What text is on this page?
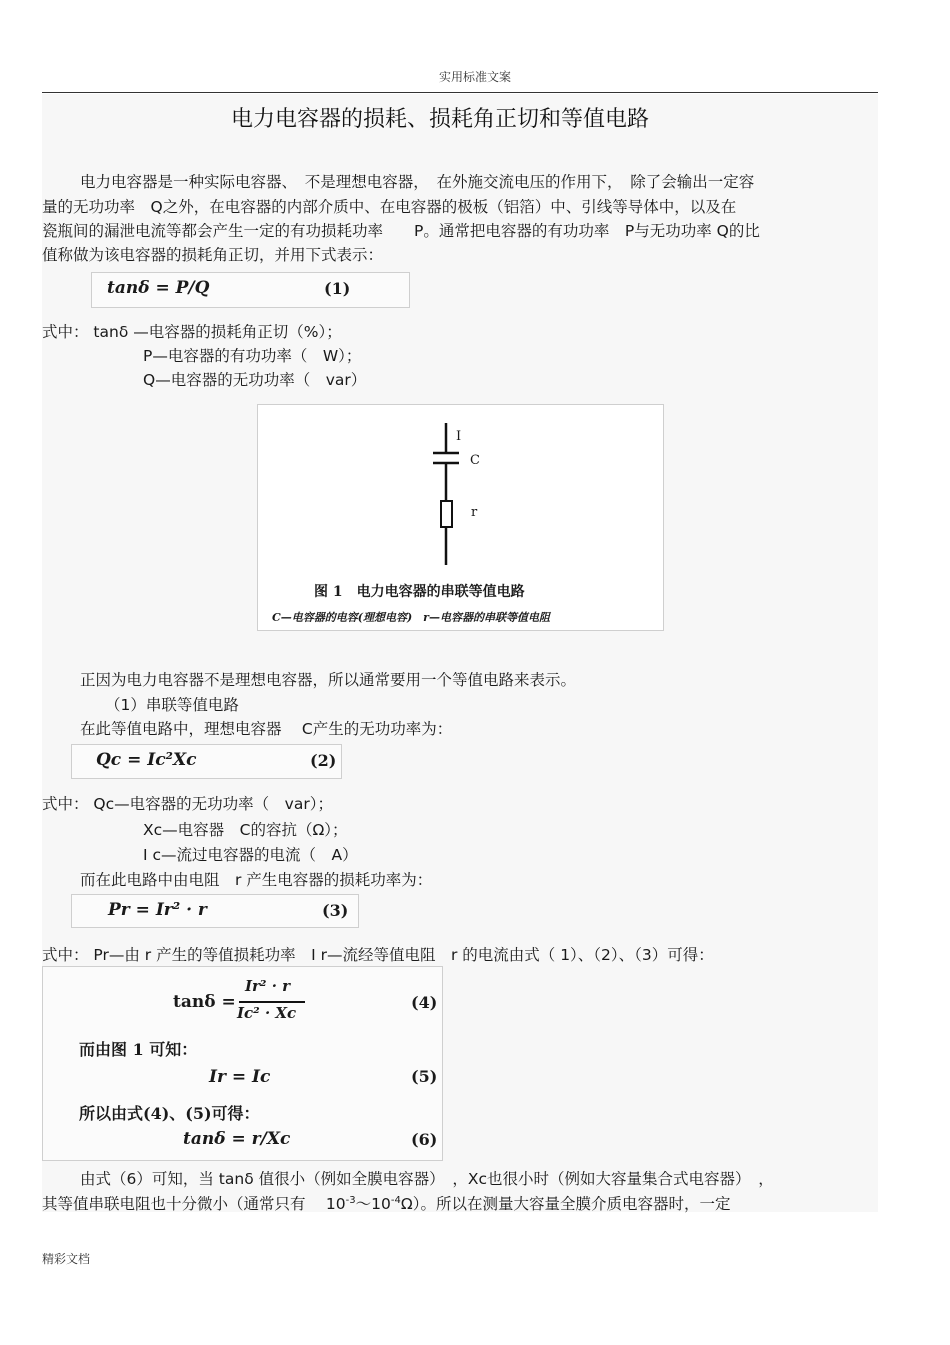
实用标准文案
电力电容器的损耗、损耗角正切和等值电路
电力电容器是一种实际电容器、　不是理想电容器，　在外施交流电压的作用下，　除了会输出一定容
量的无功功率　Q之外，在电容器的内部介质中、在电容器的极板（铝箔）中、引线等导体中，以及在
瓷瓶间的漏泄电流等都会产生一定的有功损耗功率　　P。通常把电容器的有功功率　P与无功功率 Q的比
值称做为该电容器的损耗角正切，并用下式表示：
tanδ = P/Q	(1)
式中： tanδ —电容器的损耗角正切（%）；
P—电容器的有功功率（　W）；
Q—电容器的无功功率（　var）
I
C
r
图 1　电力电容器的串联等值电路
C—电容器的电容(理想电容)　r—电容器的串联等值电阻
正因为电力电容器不是理想电容器，所以通常要用一个等值电路来表示。
（1）串联等值电路
在此等值电路中，理想电容器　 C产生的无功功率为：
Qc = Ic²Xc	(2)
式中： Qc—电容器的无功功率（　var）；
Xc—电容器　C的容抗（Ω）；
I c—流过电容器的电流（　A）
而在此电路中由电阻　r 产生电容器的损耗功率为：
Pr = Ir² · r	(3)
式中： Pr—由 r 产生的等值损耗功率　I r—流经等值电阻　r 的电流由式（ 1）、（2）、（3）可得：
tanδ =
Ir² · r
Ic² · Xc
(4)
而由图 1 可知：
Ir = Ic	(5)
所以由式(4)、(5)可得：
tanδ = r/Xc	(6)
由式（6）可知，当 tanδ 值很小（例如全膜电容器）　，Xc也很小时（例如大容量集合式电容器）　，
其等值串联电阻也十分微小（通常只有　 $10^{-3}\sim 10^{-4}\Omega$）。所以在测量大容量全膜介质电容器时，一定
精彩文档
